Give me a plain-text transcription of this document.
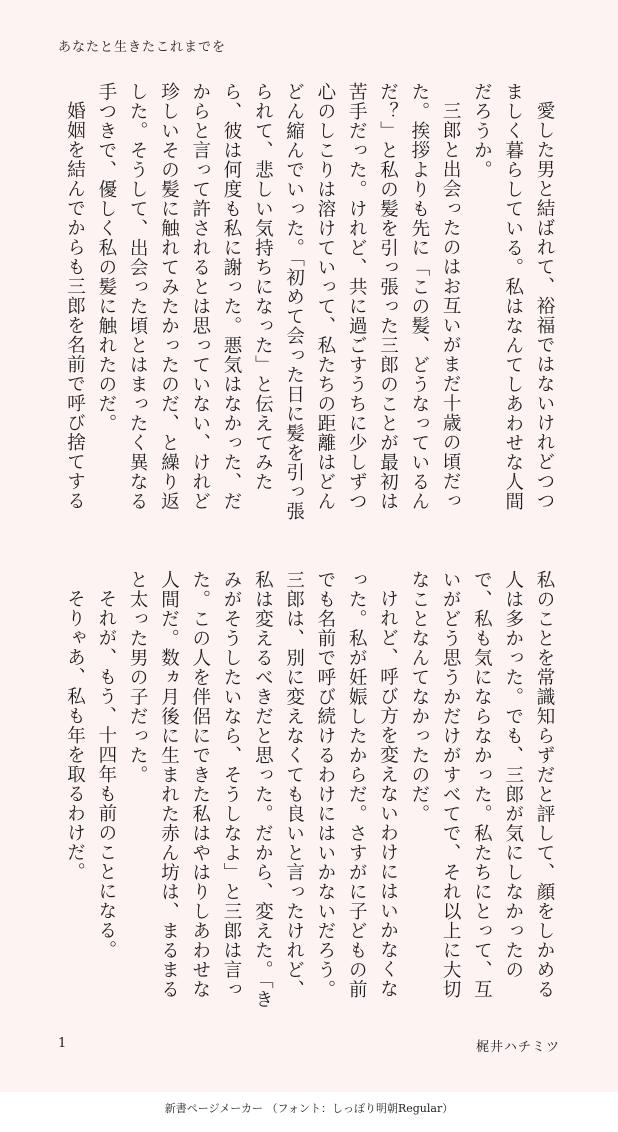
あなたと生きたこれまでを

愛した男と結ばれて、裕福ではないけれどつつましく暮らしている。私はなんてしあわせな人間だろうか。

三郎と出会ったのはお互いがまだ十歳の頃だった。挨拶よりも先に「この髪、どうなっているんだ？」と私の髪を引っ張った三郎のことが最初は苦手だった。けれど、共に過ごすうちに少しずつ心のしこりは溶けていって、私たちの距離はどんどん縮んでいった。「初めて会った日に髪を引っ張られて、悲しい気持ちになった」と伝えてみたら、彼は何度も私に謝った。悪気はなかった、だからと言って許されるとは思っていない、けれど珍しいその髪に触れてみたかったのだ、と繰り返した。そうして、出会った頃とはまったく異なる手つきで、優しく私の髪に触れたのだ。

婚姻を結んでからも三郎を名前で呼び捨てする

私のことを常識知らずだと評して、顔をしかめる人は多かった。でも、三郎が気にしなかったので、私も気にならなかった。私たちにとって、互いがどう思うかだけがすべてで、それ以上に大切なことなんてなかったのだ。

けれど、呼び方を変えないわけにはいかなくなった。私が妊娠したからだ。さすがに子どもの前でも名前で呼び続けるわけにはいかないだろう。三郎は、別に変えなくても良いと言ったけれど、私は変えるべきだと思った。だから、変えた。「きみがそうしたいなら、そうしなよ」と三郎は言った。この人を伴侶にできた私はやはりしあわせな人間だ。数ヵ月後に生まれた赤ん坊は、まるまると太った男の子だった。

それが、もう、十四年も前のことになる。

そりゃあ、私も年を取るわけだ。

1	梶井ハチミツ
新書ページメーカー （フォント：しっぽり明朝Regular）
